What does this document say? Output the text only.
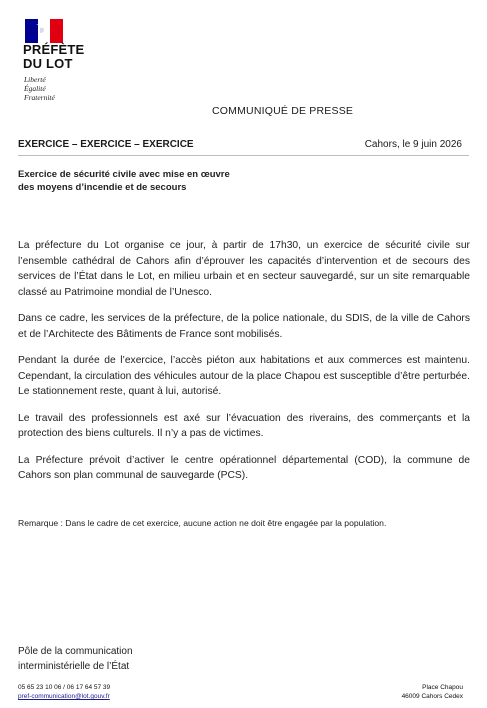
PRÉFÈTE
DU LOT
Liberté
Égalité
Fraternité
COMMUNIQUÉ DE PRESSE
EXERCICE – EXERCICE – EXERCICE	Cahors, le 9 juin 2026
Exercice de sécurité civile avec mise en œuvre
des moyens d’incendie et de secours

La préfecture du Lot organise ce jour, à partir de 17h30, un exercice de sécurité civile sur l’ensemble cathédral de Cahors afin d’éprouver les capacités d’intervention et de secours des services de l’État dans le Lot, en milieu urbain et en secteur sauvegardé, sur un site remarquable classé au Patrimoine mondial de l’Unesco.

Dans ce cadre, les services de la préfecture, de la police nationale, du SDIS, de la ville de Cahors et de l’Architecte des Bâtiments de France sont mobilisés.

Pendant la durée de l’exercice, l’accès piéton aux habitations et aux commerces est maintenu. Cependant, la circulation des véhicules autour de la place Chapou est susceptible d’être perturbée. Le stationnement reste, quant à lui, autorisé.

Le travail des professionnels est axé sur l’évacuation des riverains, des commerçants et la protection des biens culturels. Il n’y a pas de victimes.

La Préfecture prévoit d’activer le centre opérationnel départemental (COD), la commune de Cahors son plan communal de sauvegarde (PCS).

Remarque : Dans le cadre de cet exercice, aucune action ne doit être engagée par la population.
Pôle de la communication
interministérielle de l’État
05 65 23 10 06 / 06 17 64 57 39
pref-communication@lot.gouv.fr
Place Chapou
46009 Cahors Cedex
